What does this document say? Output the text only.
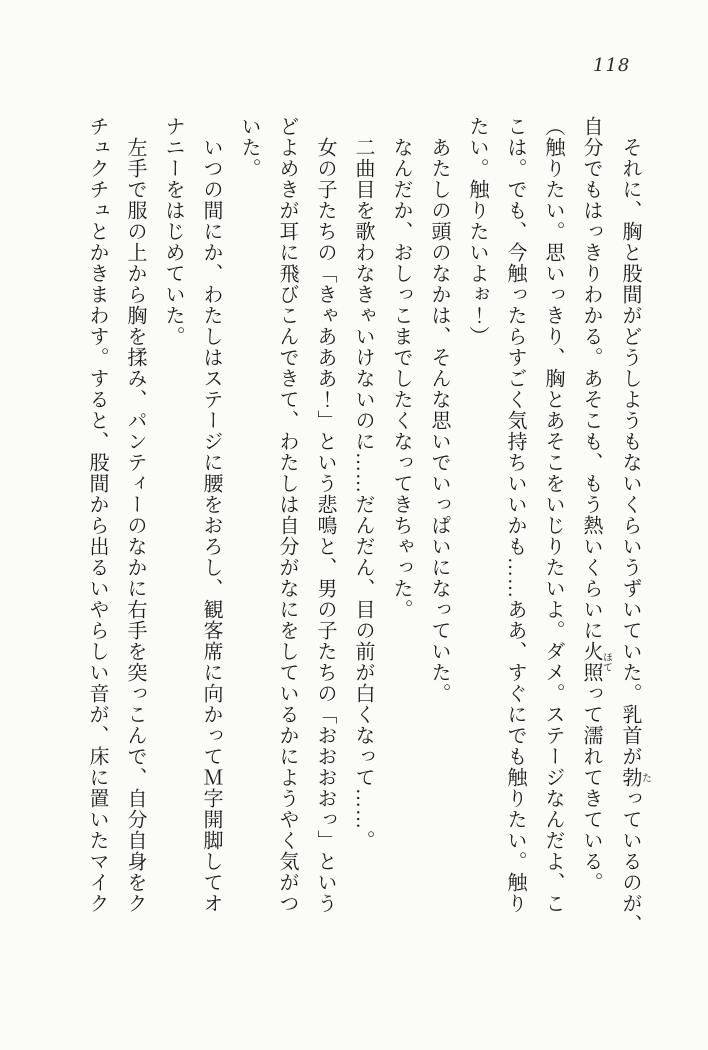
118
それに、胸と股間がどうしようもないくらいうずいていた。乳首が勃たっているのが、
自分でもはっきりわかる。あそこも、もう熱いくらいに火照ほてって濡れてきている。
（触りたい。思いっきり、胸とあそこをいじりたいよ。ダメ。ステージなんだよ、こ
こは。でも、今触ったらすごく気持ちいいかも……ああ、すぐにでも触りたい。触り
たい。触りたいよぉ！）
あたしの頭のなかは、そんな思いでいっぱいになっていた。
なんだか、おしっこまでしたくなってきちゃった。
二曲目を歌わなきゃいけないのに……だんだん、目の前が白くなって……。
女の子たちの「きゃあああ！」という悲鳴と、男の子たちの「おおおおっ」という
どよめきが耳に飛びこんできて、わたしは自分がなにをしているかにようやく気がつ
いた。
いつの間にか、わたしはステージに腰をおろし、観客席に向かってＭ字開脚してオ
ナニーをはじめていた。
左手で服の上から胸を揉み、パンティーのなかに右手を突っこんで、自分自身をク
チュクチュとかきまわす。すると、股間から出るいやらしい音が、床に置いたマイク
